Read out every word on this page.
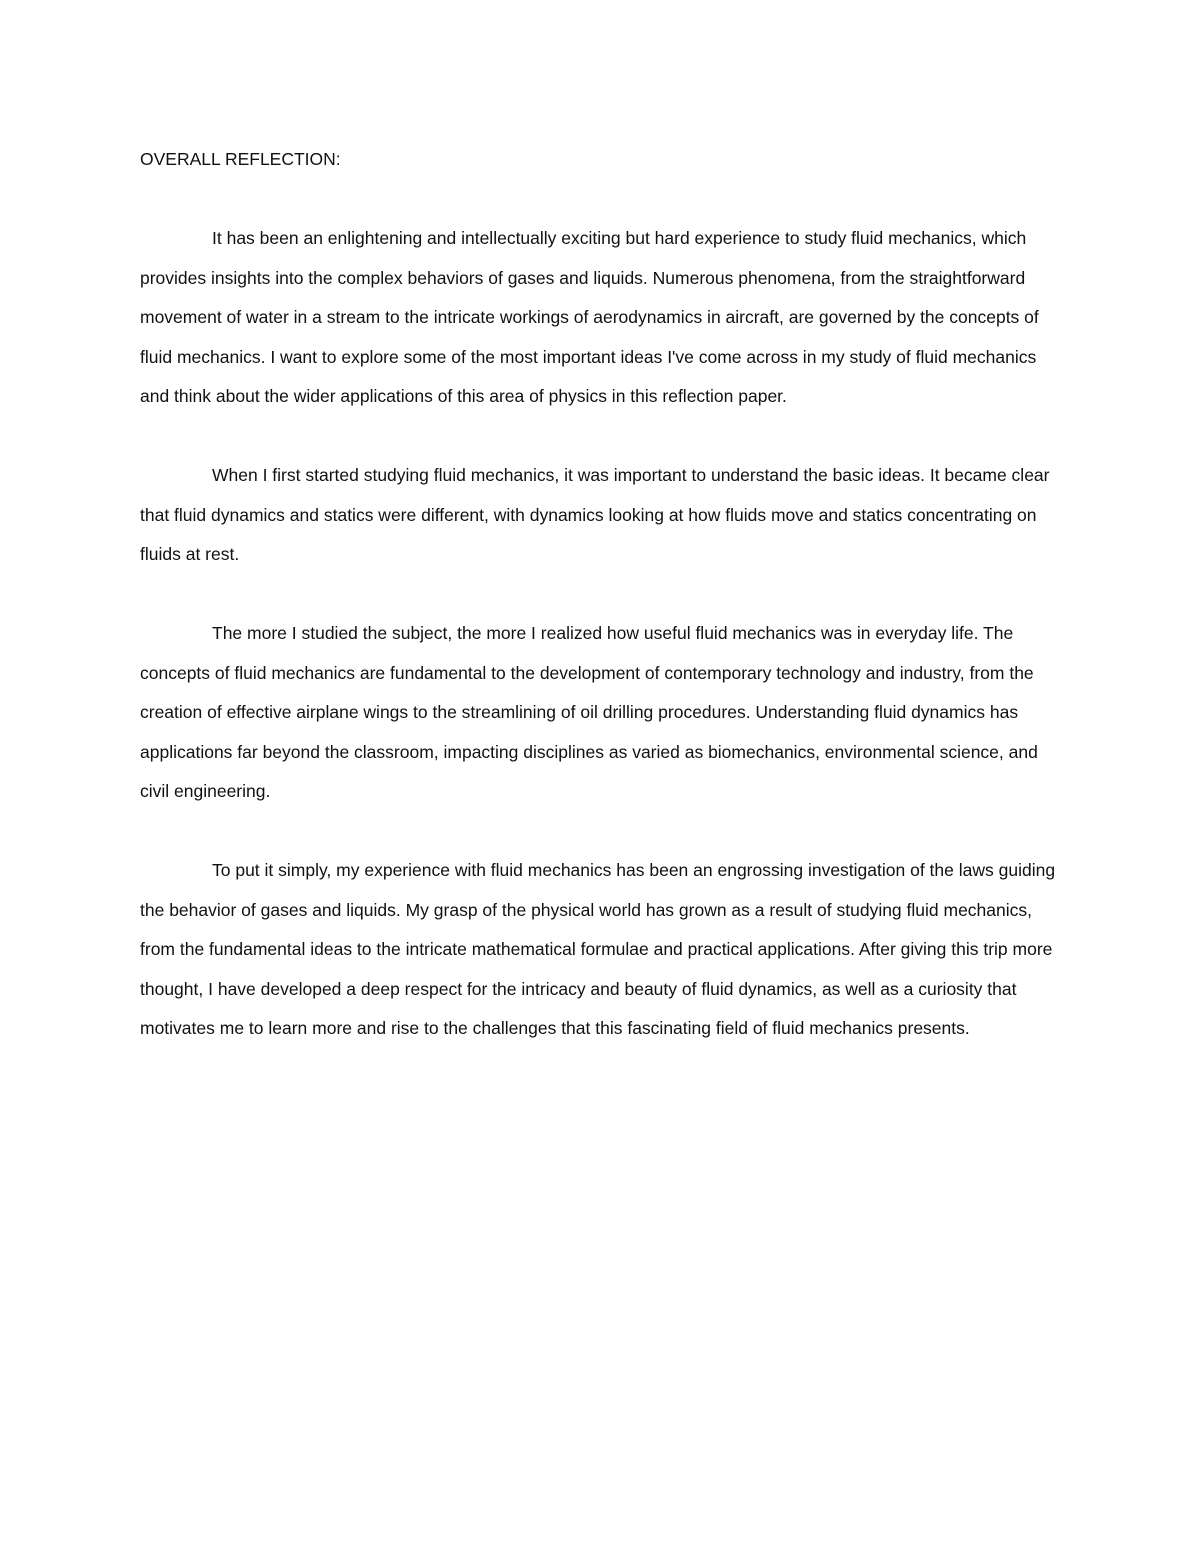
OVERALL REFLECTION:

It has been an enlightening and intellectually exciting but hard experience to study fluid mechanics, which provides insights into the complex behaviors of gases and liquids. Numerous phenomena, from the straightforward movement of water in a stream to the intricate workings of aerodynamics in aircraft, are governed by the concepts of fluid mechanics. I want to explore some of the most important ideas I've come across in my study of fluid mechanics and think about the wider applications of this area of physics in this reflection paper.

When I first started studying fluid mechanics, it was important to understand the basic ideas. It became clear that fluid dynamics and statics were different, with dynamics looking at how fluids move and statics concentrating on fluids at rest.

The more I studied the subject, the more I realized how useful fluid mechanics was in everyday life. The concepts of fluid mechanics are fundamental to the development of contemporary technology and industry, from the creation of effective airplane wings to the streamlining of oil drilling procedures. Understanding fluid dynamics has applications far beyond the classroom, impacting disciplines as varied as biomechanics, environmental science, and civil engineering.

To put it simply, my experience with fluid mechanics has been an engrossing investigation of the laws guiding the behavior of gases and liquids. My grasp of the physical world has grown as a result of studying fluid mechanics, from the fundamental ideas to the intricate mathematical formulae and practical applications. After giving this trip more thought, I have developed a deep respect for the intricacy and beauty of fluid dynamics, as well as a curiosity that motivates me to learn more and rise to the challenges that this fascinating field of fluid mechanics presents.
